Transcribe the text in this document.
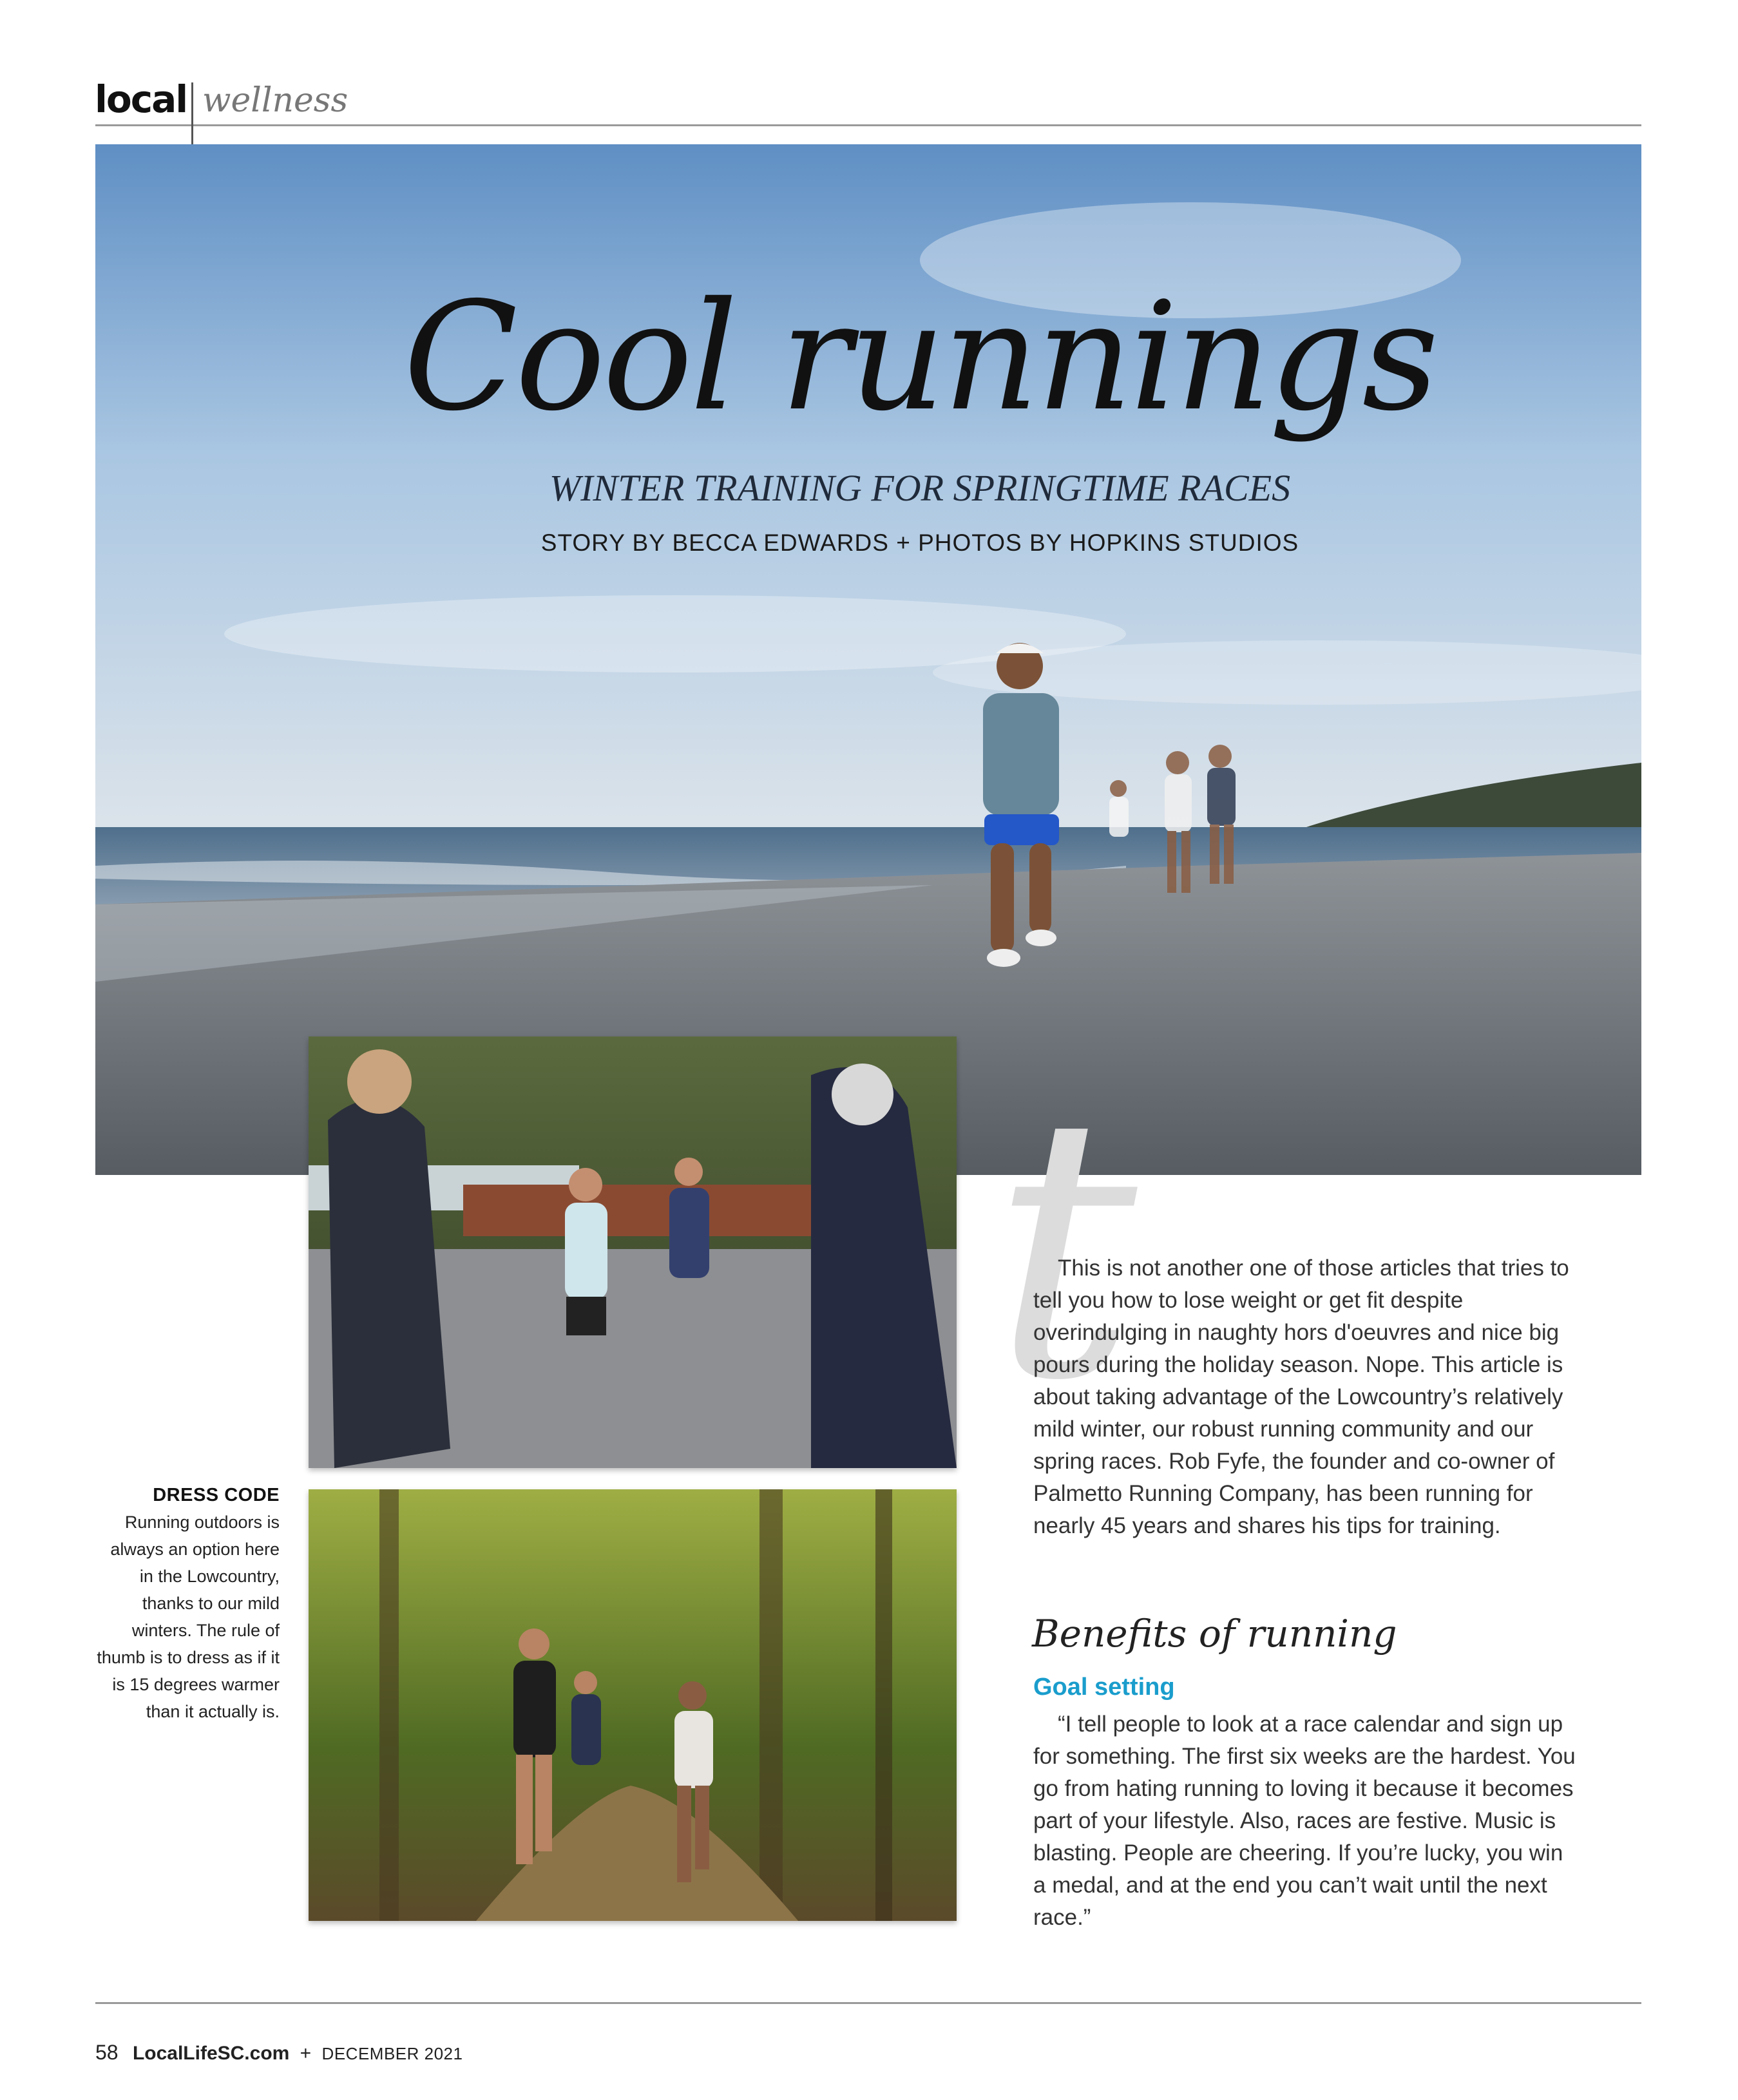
local wellness
Cool runnings
WINTER TRAINING FOR SPRINGTIME RACES
STORY BY BECCA EDWARDS + PHOTOS BY HOPKINS STUDIOS
DRESS CODE
Running outdoors is always an option here in the Lowcountry, thanks to our mild winters. The rule of thumb is to dress as if it is 15 degrees warmer than it actually is.
t
This is not another one of those articles that tries to tell you how to lose weight or get fit despite overindulging in naughty hors d'oeuvres and nice big pours during the holiday season. Nope. This article is about taking advantage of the Lowcountry’s relatively mild winter, our robust running community and our spring races. Rob Fyfe, the founder and co-owner of Palmetto Running Company, has been running for nearly 45 years and shares his tips for training.
Benefits of running
Goal setting
“I tell people to look at a race calendar and sign up for something. The first six weeks are the hardest. You go from hating running to loving it because it becomes part of your lifestyle. Also, races are festive. Music is blasting. People are cheering. If you’re lucky, you win a medal, and at the end you can’t wait until the next race.”
58 LocalLifeSC.com + DECEMBER 2021
